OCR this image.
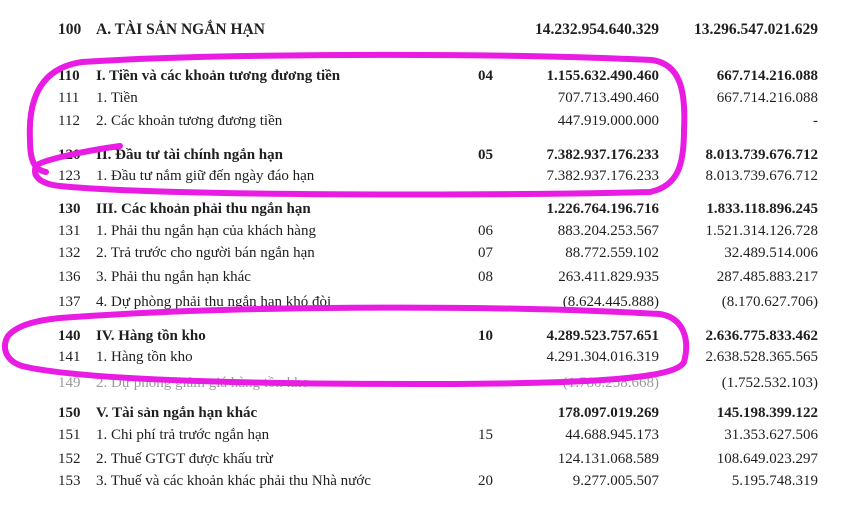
100 A. TÀI SẢN NGẮN HẠN	14.232.954.640.329 13.296.547.021.629
110 I. Tiền và các khoản tương đương tiền	04	1.155.632.490.460	667.714.216.088
111 1. Tiền	707.713.490.460	667.714.216.088
112 2. Các khoản tương đương tiền	447.919.000.000	-
120 II. Đầu tư tài chính ngắn hạn	05	7.382.937.176.233	8.013.739.676.712
123 1. Đầu tư nắm giữ đến ngày đáo hạn	7.382.937.176.233	8.013.739.676.712
130 III. Các khoản phải thu ngắn hạn	1.226.764.196.716	1.833.118.896.245
131 1. Phải thu ngắn hạn của khách hàng	06	883.204.253.567	1.521.314.126.728
132 2. Trả trước cho người bán ngắn hạn	07	88.772.559.102	32.489.514.006
136 3. Phải thu ngắn hạn khác	08	263.411.829.935	287.485.883.217
137 4. Dự phòng phải thu ngắn hạn khó đòi	(8.624.445.888)	(8.170.627.706)
140 IV. Hàng tồn kho	10	4.289.523.757.651	2.636.775.833.462
141 1. Hàng tồn kho	4.291.304.016.319	2.638.528.365.565
149 2. Dự phòng giảm giá hàng tồn kho	(1.780.258.668)	(1.752.532.103)
150 V. Tài sản ngắn hạn khác	178.097.019.269	145.198.399.122
151 1. Chi phí trả trước ngắn hạn	15	44.688.945.173	31.353.627.506
152 2. Thuế GTGT được khấu trừ	124.131.068.589	108.649.023.297
153 3. Thuế và các khoản khác phải thu Nhà nước	20	9.277.005.507	5.195.748.319
